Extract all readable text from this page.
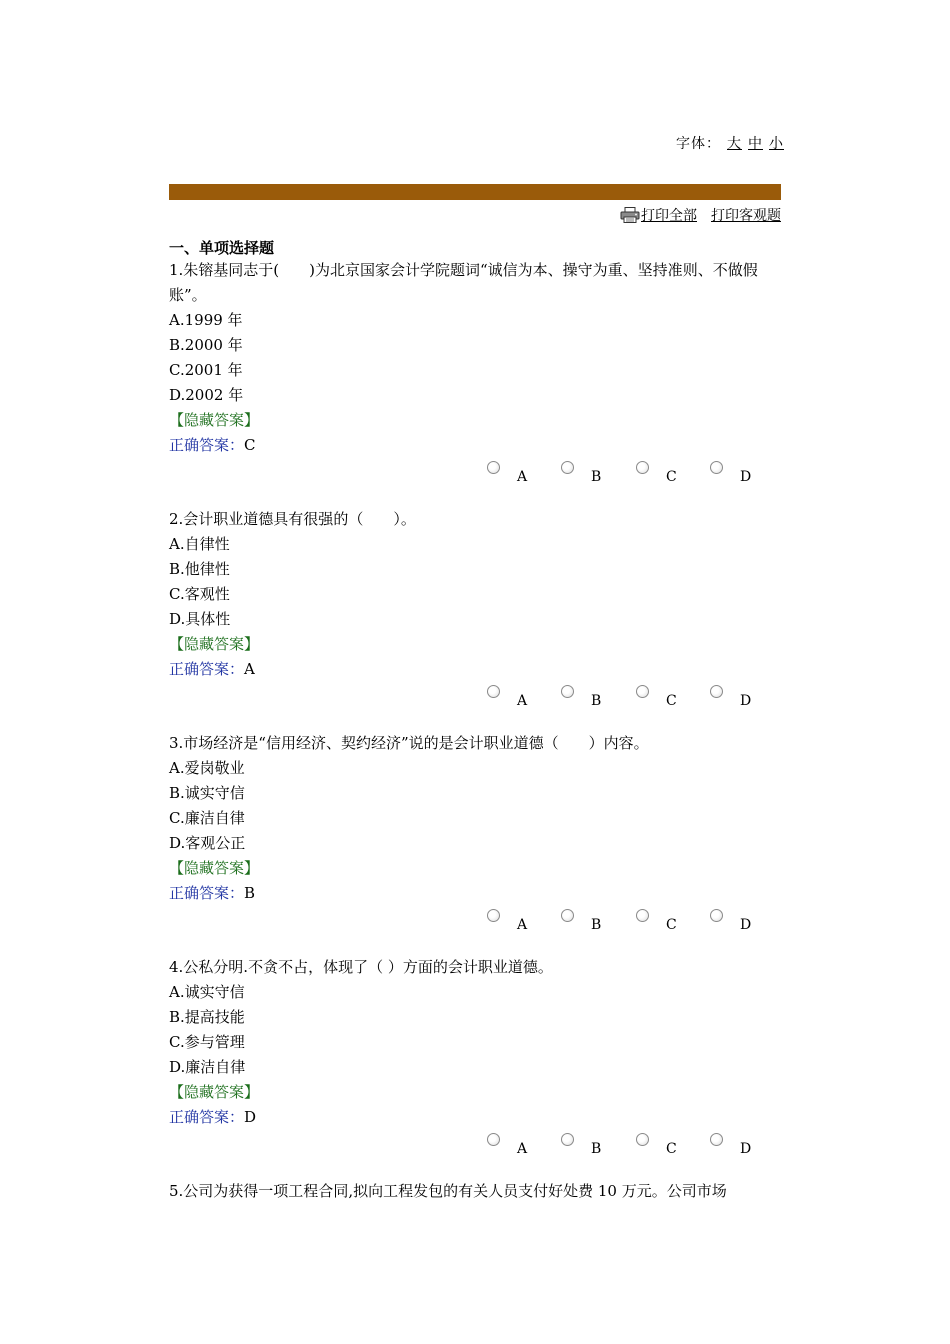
字体： 大 中 小
打印全部 打印客观题
一、单项选择题
1.朱镕基同志于(　　)为北京国家会计学院题词“诚信为本、操守为重、坚持准则、不做假账”。
A.1999 年
B.2000 年
C.2001 年
D.2002 年
【隐藏答案】
正确答案：C
A	B	C	D
2.会计职业道德具有很强的（　　）。
A.自律性
B.他律性
C.客观性
D.具体性
【隐藏答案】
正确答案：A
A	B	C	D
3.市场经济是“信用经济、契约经济”说的是会计职业道德（　　）内容。
A.爱岗敬业
B.诚实守信
C.廉洁自律
D.客观公正
【隐藏答案】
正确答案：B
A	B	C	D
4.公私分明.不贪不占，体现了（ ）方面的会计职业道德。
A.诚实守信
B.提高技能
C.参与管理
D.廉洁自律
【隐藏答案】
正确答案：D
A	B	C	D
5.公司为获得一项工程合同,拟向工程发包的有关人员支付好处费 10 万元。公司市场
